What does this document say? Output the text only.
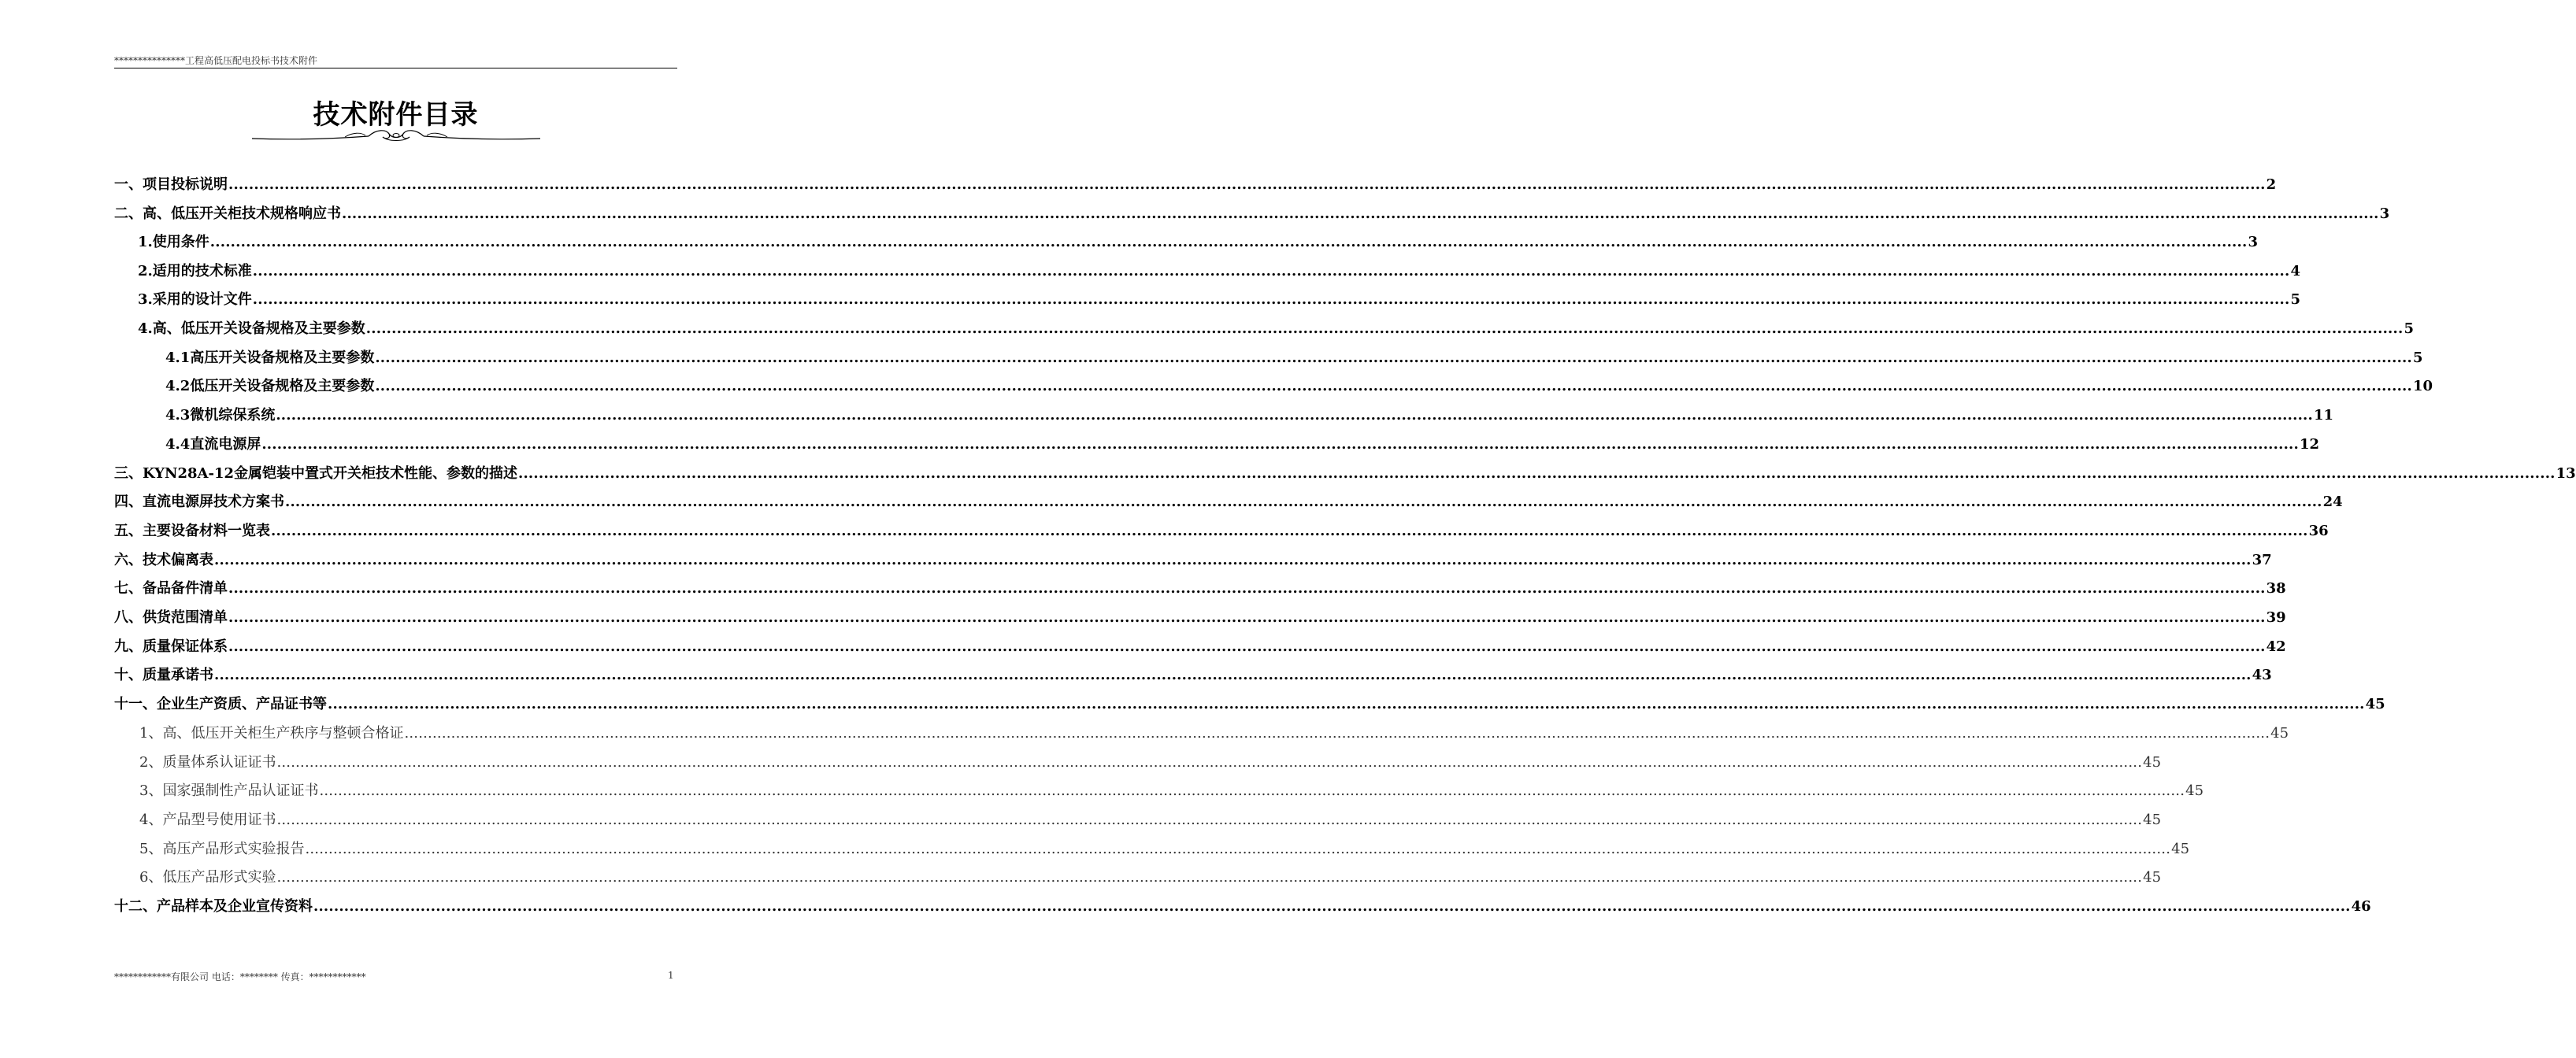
***************工程高低压配电投标书技术附件
技术附件目录
一、项目投标说明 ................................................................................................................................................................................................................................................................................................................................................................................................................ 2
二、高、低压开关柜技术规格响应书 ................................................................................................................................................................................................................................................................................................................................................................................................................ 3
1.使用条件 ................................................................................................................................................................................................................................................................................................................................................................................................................ 3
2.适用的技术标准 ................................................................................................................................................................................................................................................................................................................................................................................................................ 4
3.采用的设计文件 ................................................................................................................................................................................................................................................................................................................................................................................................................ 5
4.高、低压开关设备规格及主要参数 ................................................................................................................................................................................................................................................................................................................................................................................................................ 5
4.1高压开关设备规格及主要参数 ................................................................................................................................................................................................................................................................................................................................................................................................................ 5
4.2低压开关设备规格及主要参数 ................................................................................................................................................................................................................................................................................................................................................................................................................ 10
4.3微机综保系统 ................................................................................................................................................................................................................................................................................................................................................................................................................ 11
4.4直流电源屏 ................................................................................................................................................................................................................................................................................................................................................................................................................ 12
三、KYN28A-12金属铠装中置式开关柜技术性能、参数的描述 ................................................................................................................................................................................................................................................................................................................................................................................................................ 13
四、直流电源屏技术方案书 ................................................................................................................................................................................................................................................................................................................................................................................................................ 24
五、主要设备材料一览表 ................................................................................................................................................................................................................................................................................................................................................................................................................ 36
六、技术偏离表 ................................................................................................................................................................................................................................................................................................................................................................................................................ 37
七、备品备件清单 ................................................................................................................................................................................................................................................................................................................................................................................................................ 38
八、供货范围清单 ................................................................................................................................................................................................................................................................................................................................................................................................................ 39
九、质量保证体系 ................................................................................................................................................................................................................................................................................................................................................................................................................ 42
十、质量承诺书 ................................................................................................................................................................................................................................................................................................................................................................................................................ 43
十一、企业生产资质、产品证书等 ................................................................................................................................................................................................................................................................................................................................................................................................................ 45
1、高、低压开关柜生产秩序与整顿合格证 ................................................................................................................................................................................................................................................................................................................................................................................................................ 45
2、质量体系认证证书 ................................................................................................................................................................................................................................................................................................................................................................................................................ 45
3、国家强制性产品认证证书 ................................................................................................................................................................................................................................................................................................................................................................................................................ 45
4、产品型号使用证书 ................................................................................................................................................................................................................................................................................................................................................................................................................ 45
5、高压产品形式实验报告 ................................................................................................................................................................................................................................................................................................................................................................................................................ 45
6、低压产品形式实验 ................................................................................................................................................................................................................................................................................................................................................................................................................ 45
十二、产品样本及企业宣传资料 ................................................................................................................................................................................................................................................................................................................................................................................................................ 46
************有限公司 电话：******** 传真：************	1
